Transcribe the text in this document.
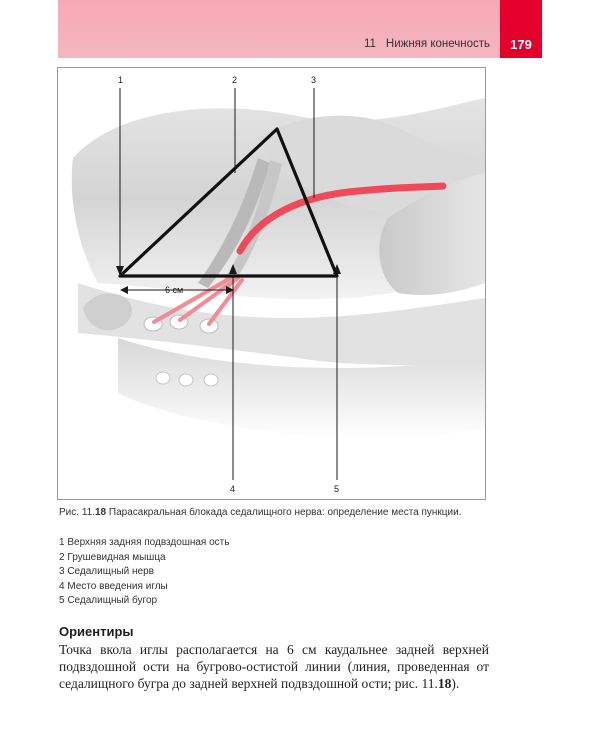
179
11 Нижняя конечность
6 см
1	2	3
4	5
Рис. 11.18 Парасакральная блокада седалищного нерва: определение места пункции.
1 Верхняя задняя подвздошная ость
2 Грушевидная мышца
3 Седалищный нерв
4 Место введения иглы
5 Седалищный бугор
Ориентиры
Точка вкола иглы располагается на 6 см каудальнее задней верхней подвздошной ости на бугрово-остистой линии (линия, проведенная от седалищного бугра до задней верхней подвздошной ости; рис. 11.18).
